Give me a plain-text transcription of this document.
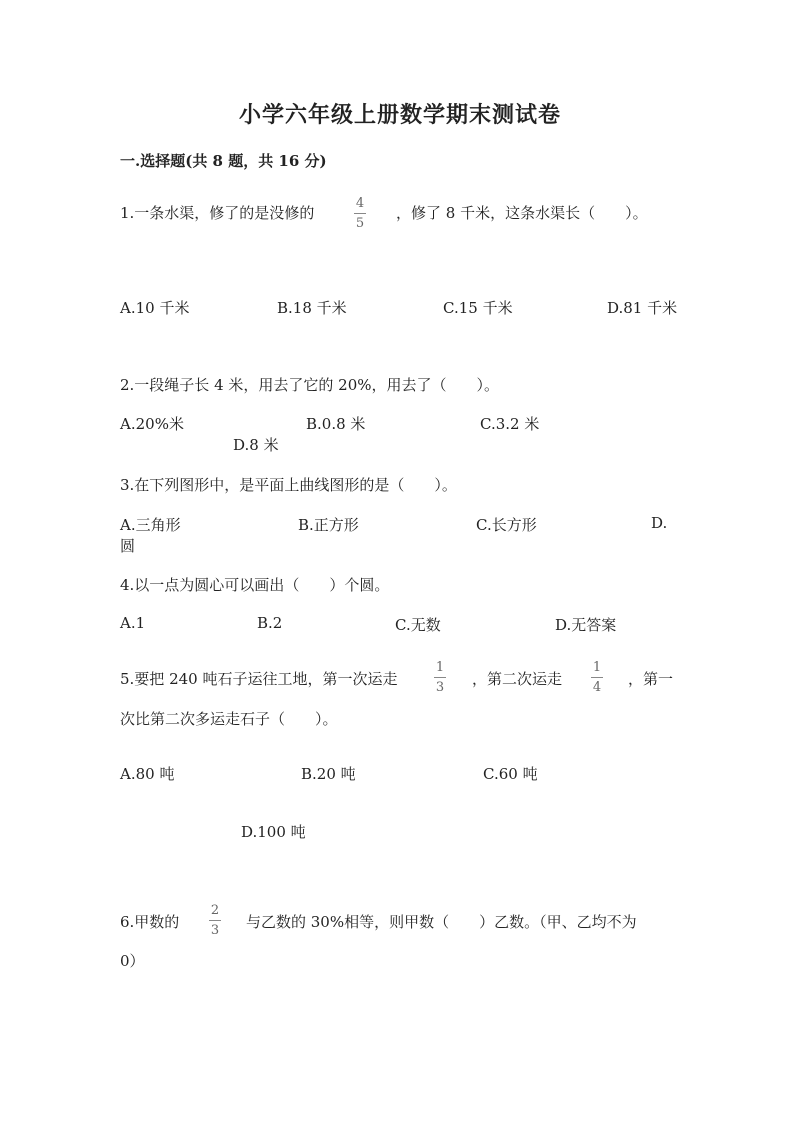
小学六年级上册数学期末测试卷
一.选择题(共 8 题，共 16 分)
1.一条水渠，修了的是没修的
4
5
，修了 8 千米，这条水渠长（　　）。
A.10 千米	B.18 千米	C.15 千米	D.81 千米
2.一段绳子长 4 米，用去了它的 20%，用去了（　　）。
A.20%米	B.0.8 米	C.3.2 米
D.8 米
3.在下列图形中，是平面上曲线图形的是（　　）。
A.三角形	B.正方形	C.长方形	D.
圆
4.以一点为圆心可以画出（　　）个圆。
A.1	B.2	C.无数	D.无答案
5.要把 240 吨石子运往工地，第一次运走
1
3 ，第二次运走
1
4 ，第一
次比第二次多运走石子（　　）。
A.80 吨	B.20 吨	C.60 吨
D.100 吨
6.甲数的
2
3 与乙数的 30%相等，则甲数（　　）乙数。（甲、乙均不为
0）
